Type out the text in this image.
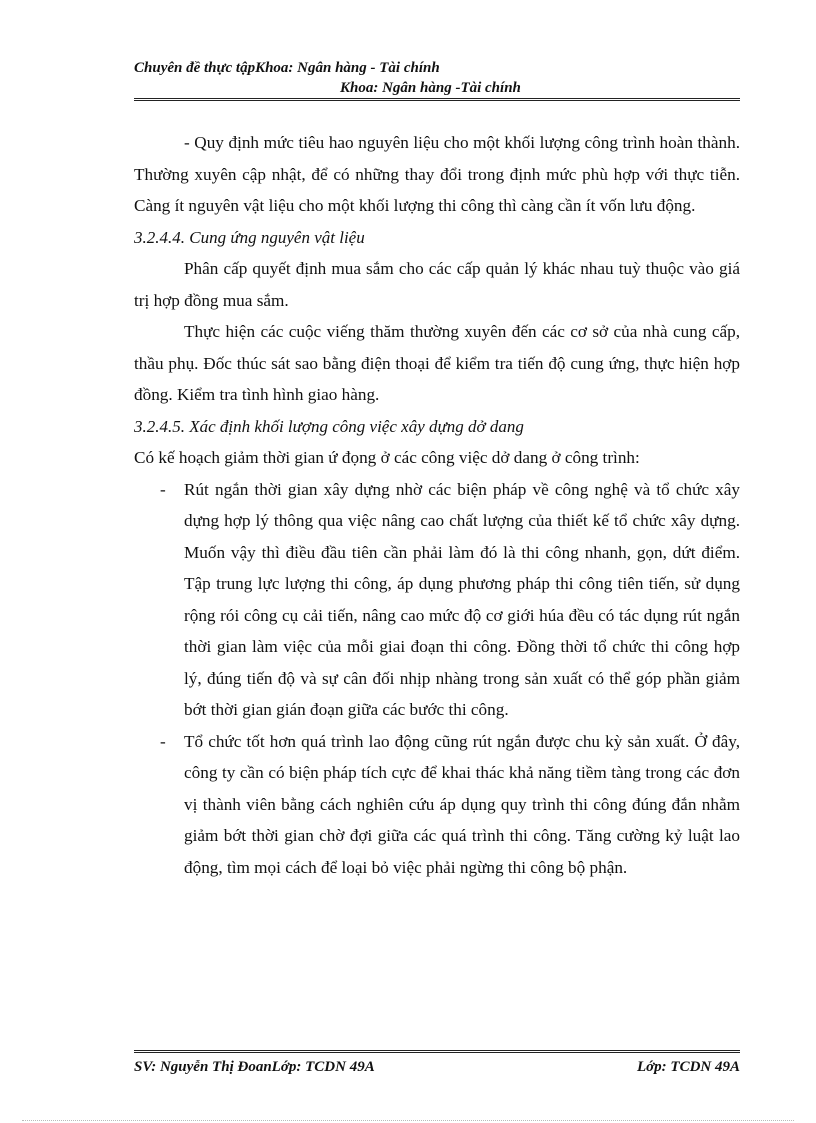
Chuyên đề thực tậpKhoa: Ngân hàng - Tài chính
Khoa: Ngân hàng -Tài chính

- Quy định mức tiêu hao nguyên liệu cho một khối lượng công trình hoàn thành. Thường xuyên cập nhật, để có những thay đổi trong định mức phù hợp với thực tiễn. Càng ít nguyên vật liệu cho một khối lượng thi công thì càng cần ít vốn lưu động.

3.2.4.4. Cung ứng nguyên vật liệu

Phân cấp quyết định mua sắm cho các cấp quản lý khác nhau tuỳ thuộc vào giá trị hợp đồng mua sắm.

Thực hiện các cuộc viếng thăm thường xuyên đến các cơ sở của nhà cung cấp, thầu phụ. Đốc thúc sát sao bằng điện thoại để kiểm tra tiến độ cung ứng, thực hiện hợp đồng. Kiểm tra tình hình giao hàng.

3.2.4.5. Xác định khối lượng công việc xây dựng dở dang

Có kế hoạch giảm thời gian ứ đọng ở các công việc dở dang ở công trình:

- Rút ngắn thời gian xây dựng nhờ các biện pháp về công nghệ và tổ chức xây dựng hợp lý thông qua việc nâng cao chất lượng của thiết kế tổ chức xây dựng. Muốn vậy thì điều đầu tiên cần phải làm đó là thi công nhanh, gọn, dứt điểm. Tập trung lực lượng thi công, áp dụng phương pháp thi công tiên tiến, sử dụng rộng rói công cụ cải tiến, nâng cao mức độ cơ giới húa đều có tác dụng rút ngắn thời gian làm việc của mỗi giai đoạn thi công. Đồng thời tổ chức thi công hợp lý, đúng tiến độ và sự cân đối nhịp nhàng trong sản xuất có thể góp phần giảm bớt thời gian gián đoạn giữa các bước thi công.
- Tổ chức tốt hơn quá trình lao động cũng rút ngắn được chu kỳ sản xuất. Ở đây, công ty cần có biện pháp tích cực để khai thác khả năng tiềm tàng trong các đơn vị thành viên bằng cách nghiên cứu áp dụng quy trình thi công đúng đắn nhằm giảm bớt thời gian chờ đợi giữa các quá trình thi công. Tăng cường kỷ luật lao động, tìm mọi cách để loại bỏ việc phải ngừng thi công bộ phận.
SV: Nguyễn Thị ĐoanLớp: TCDN 49A	Lớp: TCDN 49A
